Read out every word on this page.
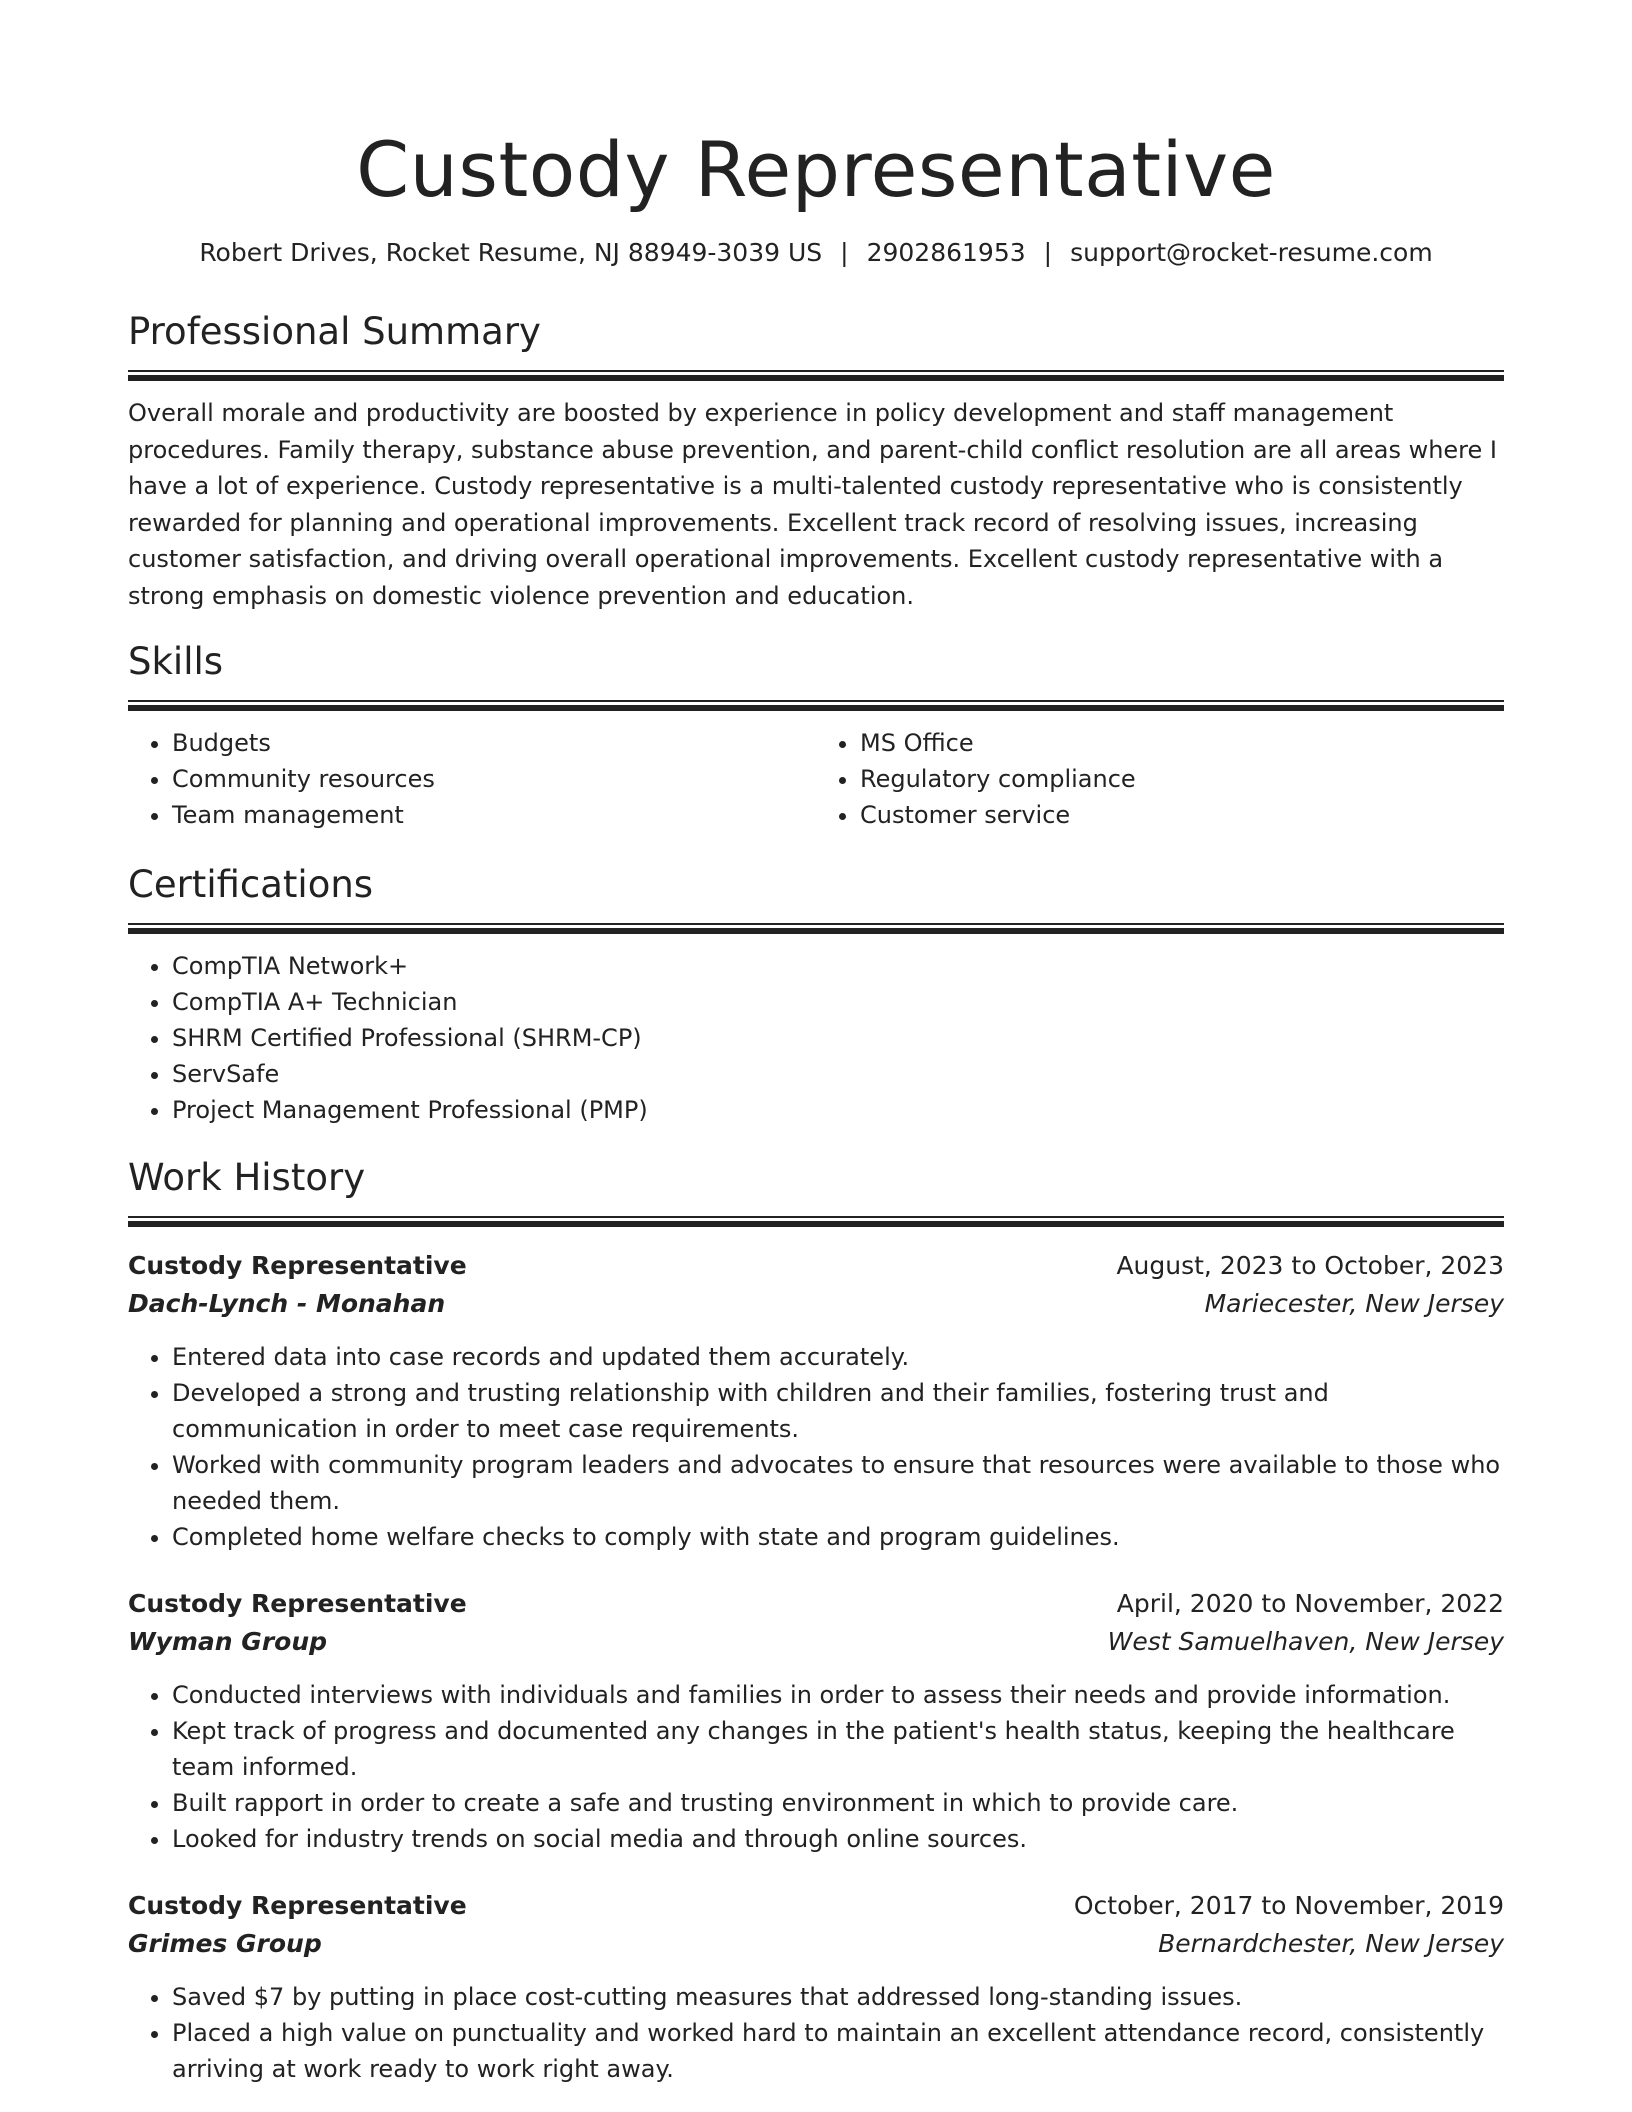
Custody Representative
Robert Drives, Rocket Resume, NJ 88949-3039 US | 2902861953 | support@rocket-resume.com
Professional Summary

Overall morale and productivity are boosted by experience in policy development and staff management procedures. Family therapy, substance abuse prevention, and parent-child conflict resolution are all areas where I have a lot of experience. Custody representative is a multi-talented custody representative who is consistently rewarded for planning and operational improvements. Excellent track record of resolving issues, increasing customer satisfaction, and driving overall operational improvements. Excellent custody representative with a strong emphasis on domestic violence prevention and education.

Skills
• Budgets
• Community resources
• Team management
• MS Office
• Regulatory compliance
• Customer service
Certifications
• CompTIA Network+
• CompTIA A+ Technician
• SHRM Certified Professional (SHRM-CP)
• ServSafe
• Project Management Professional (PMP)
Work History
Custody Representative	August, 2023 to October, 2023
Dach-Lynch - Monahan	Mariecester, New Jersey
• Entered data into case records and updated them accurately.
• Developed a strong and trusting relationship with children and their families, fostering trust and communication in order to meet case requirements.
• Worked with community program leaders and advocates to ensure that resources were available to those who needed them.
• Completed home welfare checks to comply with state and program guidelines.
Custody Representative	April, 2020 to November, 2022
Wyman Group	West Samuelhaven, New Jersey
• Conducted interviews with individuals and families in order to assess their needs and provide information.
• Kept track of progress and documented any changes in the patient's health status, keeping the healthcare team informed.
• Built rapport in order to create a safe and trusting environment in which to provide care.
• Looked for industry trends on social media and through online sources.
Custody Representative	October, 2017 to November, 2019
Grimes Group	Bernardchester, New Jersey
• Saved $7 by putting in place cost-cutting measures that addressed long-standing issues.
• Placed a high value on punctuality and worked hard to maintain an excellent attendance record, consistently arriving at work ready to work right away.
